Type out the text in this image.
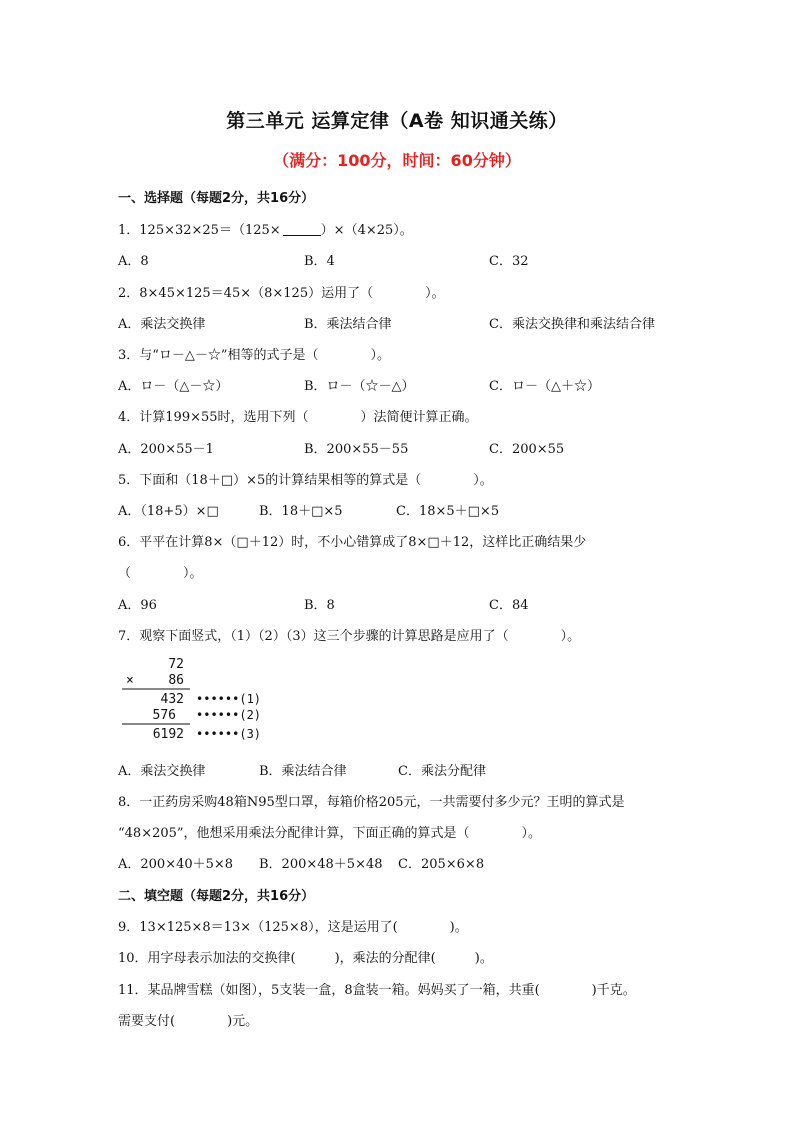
第三单元 运算定律（A卷 知识通关练）
（满分：100分，时间：60分钟）
一、选择题（每题2分，共16分）
1．125×32×25＝（125×	）×（4×25）。
A．8	B．4	C．32
2．8×45×125＝45×（8×125）运用了（　　　　）。
A．乘法交换律	B．乘法结合律	C．乘法交换律和乘法结合律
3．与“ロ－△－☆”相等的式子是（　　　　）。
A．ロ－（△－☆）	B．ロ－（☆－△）	C．ロ－（△＋☆）
4．计算199×55时，选用下列（　　　　）法简便计算正确。
A．200×55－1	B．200×55－55	C．200×55
5．下面和（18＋□）×5的计算结果相等的算式是（　　　　）。
A．（18+5）×□	B．18＋□×5	C．18×5＋□×5
6．平平在计算8×（□＋12）时，不小心错算成了8×□＋12，这样比正确结果少
（　　　　）。
A．96	B．8	C．84
7．观察下面竖式，（1）（2）（3）这三个步骤的计算思路是应用了（　　　　）。
72
×	86
432 ••••••(1)
576 ••••••(2)
6192 ••••••(3)
A．乘法交换律	B．乘法结合律	C．乘法分配律
8．一正药房采购48箱N95型口罩，每箱价格205元，一共需要付多少元？王明的算式是
“48×205”，他想采用乘法分配律计算，下面正确的算式是（　　　　）。
A．200×40＋5×8 B．200×48＋5×48 C．205×6×8
二、填空题（每题2分，共16分）
9．13×125×8＝13×（125×8），这是运用了(　　　　)。
10．用字母表示加法的交换律(　　　)，乘法的分配律(　　　)。
11．某品牌雪糕（如图），5支装一盒，8盒装一箱。妈妈买了一箱，共重(　　　　)千克。
需要支付(　　　　)元。
